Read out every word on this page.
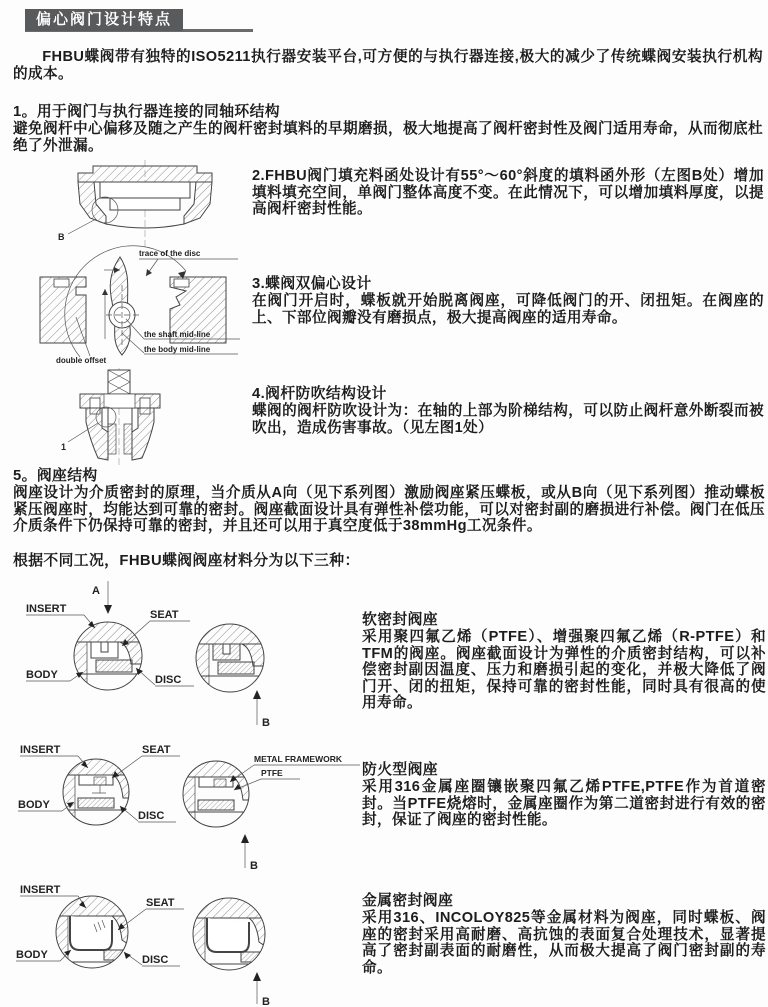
偏心阀门设计特点
FHBU蝶阀带有独特的ISO5211执行器安装平台,可方便的与执行器连接,极大的减少了传统蝶阀安装执行机构的成本。
1。用于阀门与执行器连接的同轴环结构
避免阀杆中心偏移及随之产生的阀杆密封填料的早期磨损，极大地提高了阀杆密封性及阀门适用寿命，从而彻底杜绝了外泄漏。
B
2.FHBU阀门填充料函处设计有55°～60°斜度的填料函外形（左图B处）增加填料填充空间，单阀门整体高度不变。在此情况下，可以增加填料厚度，以提高阀杆密封性能。
trace of the disc
the shaft mid-line
the body mid-line
double offset
3.蝶阀双偏心设计
在阀门开启时，蝶板就开始脱离阀座，可降低阀门的开、闭扭矩。在阀座的上、下部位阀瓣没有磨损点，极大提高阀座的适用寿命。
1
4.阀杆防吹结构设计
蝶阀的阀杆防吹设计为：在轴的上部为阶梯结构，可以防止阀杆意外断裂而被吹出，造成伤害事故。（见左图1处）
5。阀座结构
阀座设计为介质密封的原理，当介质从A向（见下系列图）激励阀座紧压蝶板，或从B向（见下系列图）推动蝶板紧压阀座时，均能达到可靠的密封。阀座截面设计具有弹性补偿功能，可以对密封副的磨损进行补偿。阀门在低压介质条件下仍保持可靠的密封，并且还可以用于真空度低于38mmHg工况条件。
根据不同工况，FHBU蝶阀阀座材料分为以下三种：
A
INSERT	SEAT
BODY	DISC
B
软密封阀座
采用聚四氟乙烯（PTFE）、增强聚四氟乙烯（R-PTFE）和TFM的阀座。阀座截面设计为弹性的介质密封结构，可以补偿密封副因温度、压力和磨损引起的变化，并极大降低了阀门开、闭的扭矩，保持可靠的密封性能，同时具有很高的使用寿命。
INSERT	SEAT
METAL FRAMEWORK
PTFE
BODY
DISC
B
防火型阀座
采用316金属座圈镶嵌聚四氟乙烯PTFE,PTFE作为首道密封。当PTFE烧熔时，金属座圈作为第二道密封进行有效的密封，保证了阀座的密封性能。
INSERT
SEAT
BODY	DISC
B
金属密封阀座
采用316、INCOLOY825等金属材料为阀座，同时蝶板、阀座的密封采用高耐磨、高抗蚀的表面复合处理技术，显著提高了密封副表面的耐磨性，从而极大提高了阀门密封副的寿命。
